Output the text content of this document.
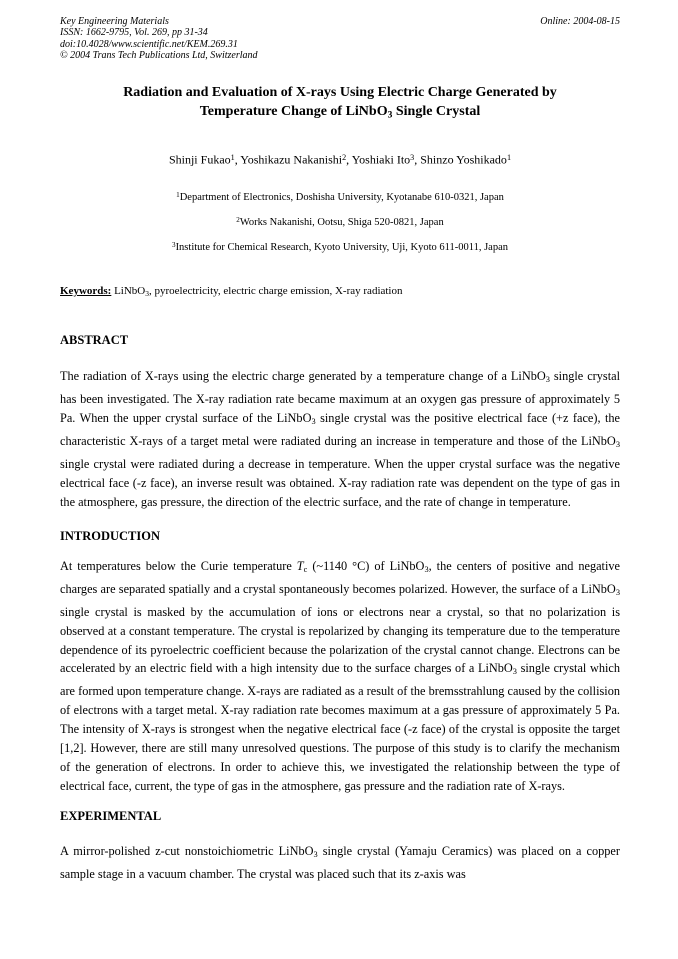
Key Engineering Materials
ISSN: 1662-9795, Vol. 269, pp 31-34
doi:10.4028/www.scientific.net/KEM.269.31
© 2004 Trans Tech Publications Ltd, Switzerland
Online: 2004-08-15
Radiation and Evaluation of X-rays Using Electric Charge Generated by
Temperature Change of LiNbO$_3$ Single Crystal
Shinji Fukao$^1$, Yoshikazu Nakanishi$^2$, Yoshiaki Ito$^3$, Shinzo Yoshikado$^1$
$^1$Department of Electronics, Doshisha University, Kyotanabe 610-0321, Japan
$^2$Works Nakanishi, Ootsu, Shiga 520-0821, Japan
$^3$Institute for Chemical Research, Kyoto University, Uji, Kyoto 611-0011, Japan
Keywords: LiNbO$_3$, pyroelectricity, electric charge emission, X-ray radiation
ABSTRACT
The radiation of X-rays using the electric charge generated by a temperature change of a LiNbO$_3$ single crystal has been investigated. The X-ray radiation rate became maximum at an oxygen gas pressure of approximately 5 Pa. When the upper crystal surface of the LiNbO$_3$ single crystal was the positive electrical face (+z face), the characteristic X-rays of a target metal were radiated during an increase in temperature and those of the LiNbO$_3$ single crystal were radiated during a decrease in temperature. When the upper crystal surface was the negative electrical face (-z face), an inverse result was obtained. X-ray radiation rate was dependent on the type of gas in the atmosphere, gas pressure, the direction of the electric surface, and the rate of change in temperature.
INTRODUCTION
At temperatures below the Curie temperature $T_c$ (~1140 °C) of LiNbO$_3$, the centers of positive and negative charges are separated spatially and a crystal spontaneously becomes polarized. However, the surface of a LiNbO$_3$ single crystal is masked by the accumulation of ions or electrons near a crystal, so that no polarization is observed at a constant temperature. The crystal is repolarized by changing its temperature due to the temperature dependence of its pyroelectric coefficient because the polarization of the crystal cannot change. Electrons can be accelerated by an electric field with a high intensity due to the surface charges of a LiNbO$_3$ single crystal which are formed upon temperature change. X-rays are radiated as a result of the bremsstrahlung caused by the collision of electrons with a target metal. X-ray radiation rate becomes maximum at a gas pressure of approximately 5 Pa. The intensity of X-rays is strongest when the negative electrical face (-z face) of the crystal is opposite the target [1,2]. However, there are still many unresolved questions. The purpose of this study is to clarify the mechanism of the generation of electrons. In order to achieve this, we investigated the relationship between the type of electrical face, current, the type of gas in the atmosphere, gas pressure and the radiation rate of X-rays.
EXPERIMENTAL
A mirror-polished z-cut nonstoichiometric LiNbO$_3$ single crystal (Yamaju Ceramics) was placed on a copper sample stage in a vacuum chamber. The crystal was placed such that its z-axis was
